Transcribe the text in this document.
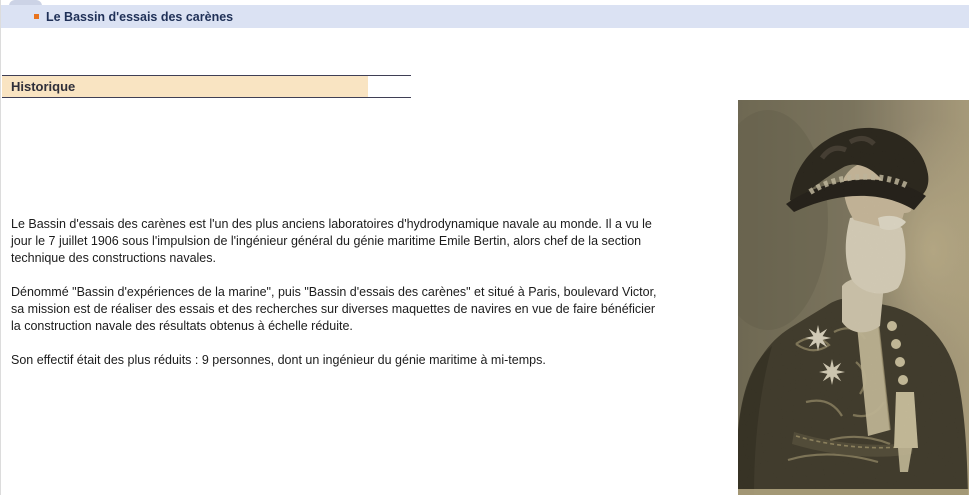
Le Bassin d'essais des carènes
Historique

Le Bassin d'essais des carènes est l'un des plus anciens laboratoires d'hydrodynamique navale au monde. Il a vu le jour le 7 juillet 1906 sous l'impulsion de l'ingénieur général du génie maritime Emile Bertin, alors chef de la section technique des constructions navales.

Dénommé "Bassin d'expériences de la marine", puis "Bassin d'essais des carènes" et situé à Paris, boulevard Victor, sa mission est de réaliser des essais et des recherches sur diverses maquettes de navires en vue de faire bénéficier la construction navale des résultats obtenus à échelle réduite.

Son effectif était des plus réduits : 9 personnes, dont un ingénieur du génie maritime à mi-temps.
